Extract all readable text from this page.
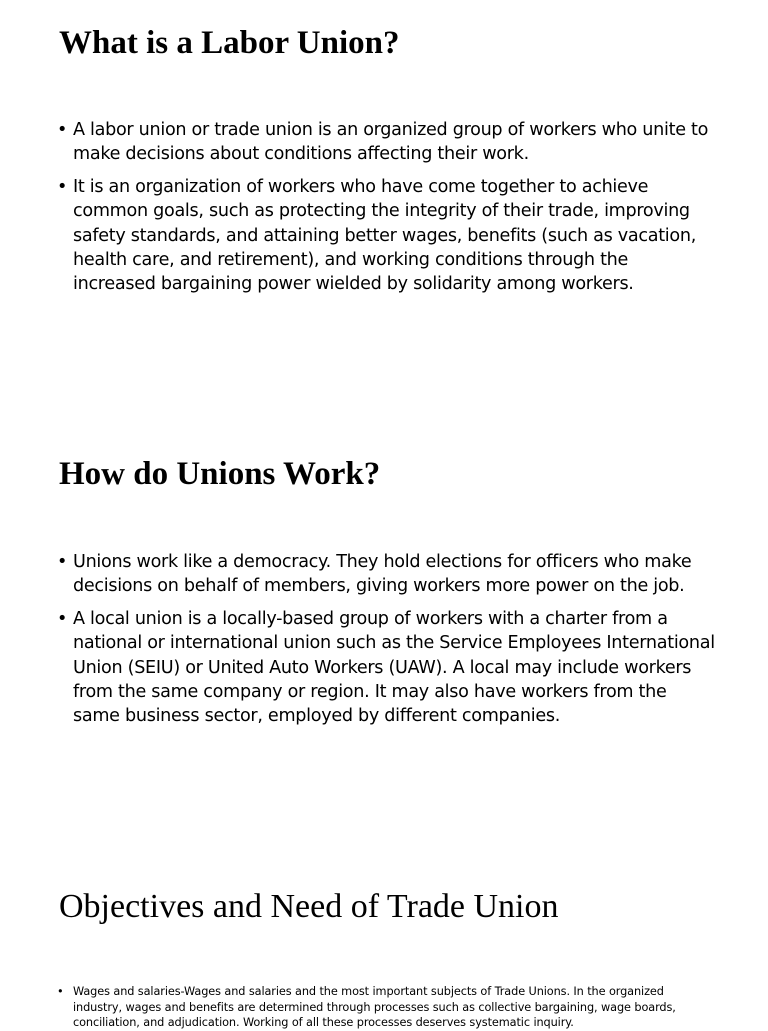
What is a Labor Union?
• A labor union or trade union is an organized group of workers who unite to make decisions about conditions affecting their work.
• It is an organization of workers who have come together to achieve common goals, such as protecting the integrity of their trade, improving safety standards, and attaining better wages, benefits (such as vacation, health care, and retirement), and working conditions through the increased bargaining power wielded by solidarity among workers.
How do Unions Work?
• Unions work like a democracy. They hold elections for officers who make decisions on behalf of members, giving workers more power on the job.
• A local union is a locally-based group of workers with a charter from a national or international union such as the Service Employees International Union (SEIU) or United Auto Workers (UAW). A local may include workers from the same company or region. It may also have workers from the same business sector, employed by different companies.
Objectives and Need of Trade Union
• Wages and salaries-Wages and salaries and the most important subjects of Trade Unions. In the organized industry, wages and benefits are determined through processes such as collective bargaining, wage boards, conciliation, and adjudication. Working of all these processes deserves systematic inquiry.
